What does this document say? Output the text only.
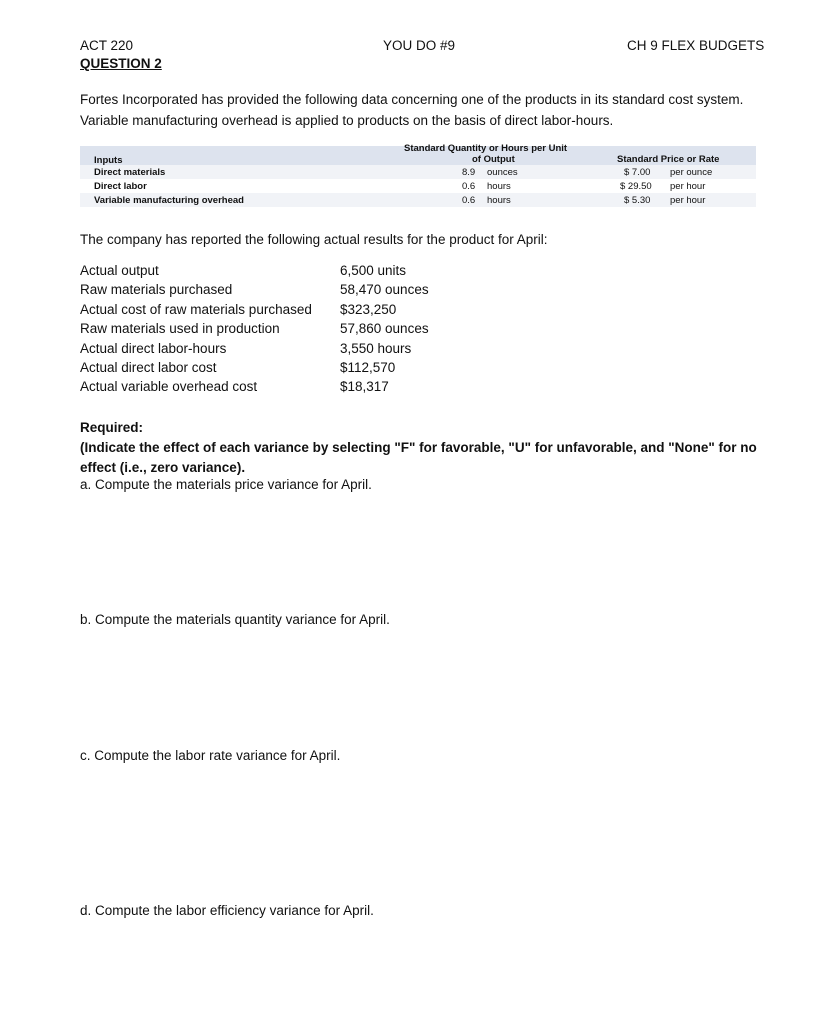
ACT 220	YOU DO #9	CH 9 FLEX BUDGETS
QUESTION 2
Fortes Incorporated has provided the following data concerning one of the products in its standard cost system. Variable manufacturing overhead is applied to products on the basis of direct labor-hours.
Standard Quantity or Hours per Unit
of Output
Inputs	Standard Price or Rate
Direct materials	8.9 ounces	$ 7.00 per ounce
Direct labor	0.6 hours	$ 29.50 per hour
Variable manufacturing overhead	0.6 hours	$ 5.30 per hour
The company has reported the following actual results for the product for April:
Actual output	6,500 units
Raw materials purchased	58,470 ounces
Actual cost of raw materials purchased $323,250
Raw materials used in production	57,860 ounces
Actual direct labor-hours	3,550 hours
Actual direct labor cost	$112,570
Actual variable overhead cost	$18,317
Required:
(Indicate the effect of each variance by selecting "F" for favorable, "U" for unfavorable, and "None" for no effect (i.e., zero variance).
a. Compute the materials price variance for April.
b. Compute the materials quantity variance for April.
c. Compute the labor rate variance for April.
d. Compute the labor efficiency variance for April.
